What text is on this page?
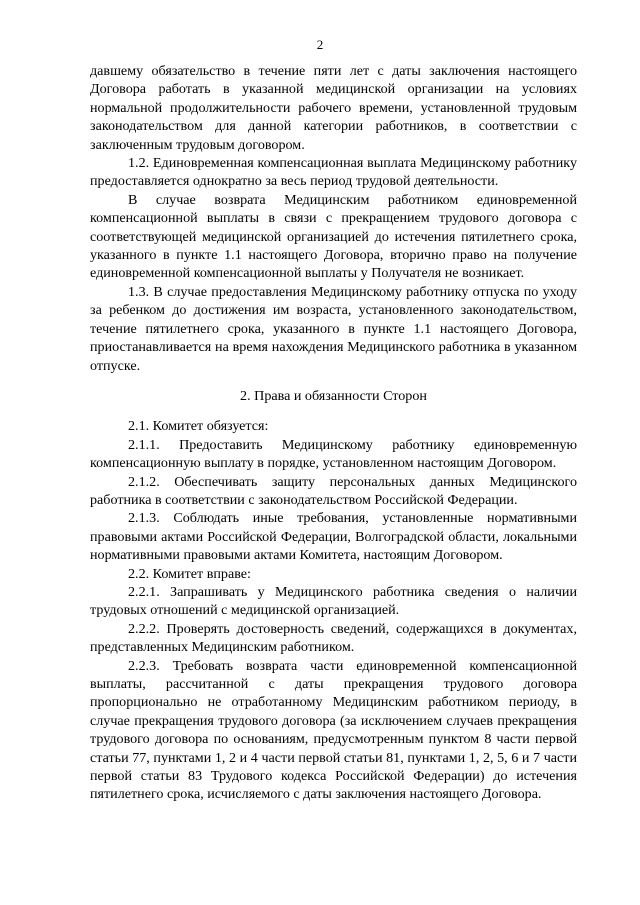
2

давшему обязательство в течение пяти лет с даты заключения настоящего Договора работать в указанной медицинской организации на условиях нормальной продолжительности рабочего времени, установленной трудовым законодательством для данной категории работников, в соответствии с заключенным трудовым договором.

1.2. Единовременная компенсационная выплата Медицинскому работнику предоставляется однократно за весь период трудовой деятельности.

В случае возврата Медицинским работником единовременной компенсационной выплаты в связи с прекращением трудового договора с соответствующей медицинской организацией до истечения пятилетнего срока, указанного в пункте 1.1 настоящего Договора, вторично право на получение единовременной компенсационной выплаты у Получателя не возникает.

1.3. В случае предоставления Медицинскому работнику отпуска по уходу за ребенком до достижения им возраста, установленного законодательством, течение пятилетнего срока, указанного в пункте 1.1 настоящего Договора, приостанавливается на время нахождения Медицинского работника в указанном отпуске.

2. Права и обязанности Сторон

2.1. Комитет обязуется:

2.1.1. Предоставить Медицинскому работнику единовременную компенсационную выплату в порядке, установленном настоящим Договором.

2.1.2. Обеспечивать защиту персональных данных Медицинского работника в соответствии с законодательством Российской Федерации.

2.1.3. Соблюдать иные требования, установленные нормативными правовыми актами Российской Федерации, Волгоградской области, локальными нормативными правовыми актами Комитета, настоящим Договором.

2.2. Комитет вправе:

2.2.1. Запрашивать у Медицинского работника сведения о наличии трудовых отношений с медицинской организацией.

2.2.2. Проверять достоверность сведений, содержащихся в документах, представленных Медицинским работником.

2.2.3. Требовать возврата части единовременной компенсационной выплаты, рассчитанной с даты прекращения трудового договора пропорционально не отработанному Медицинским работником периоду, в случае прекращения трудового договора (за исключением случаев прекращения трудового договора по основаниям, предусмотренным пунктом 8 части первой статьи 77, пунктами 1, 2 и 4 части первой статьи 81, пунктами 1, 2, 5, 6 и 7 части первой статьи 83 Трудового кодекса Российской Федерации) до истечения пятилетнего срока, исчисляемого с даты заключения настоящего Договора.
